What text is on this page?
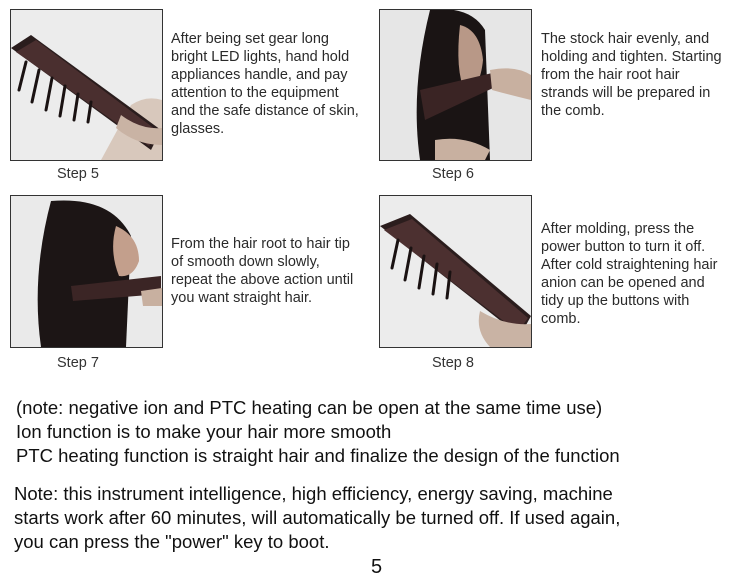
After being set gear long
bright LED lights, hand hold
appliances handle, and pay
attention to the equipment
and the safe distance of skin,
glasses.
Step 5
The stock hair evenly, and
holding and tighten. Starting
from the hair root hair
strands will be prepared in
the comb.
Step 6
From the hair root to hair tip
of smooth down slowly,
repeat the above action until
you want straight hair.
Step 7
After molding, press the
power button to turn it off.
After cold straightening hair
anion can be opened and
tidy up the buttons with
comb.
Step 8
(note: negative ion and PTC heating can be open at the same time use)
Ion function is to make your hair more smooth
PTC heating function is straight hair and finalize the design of the function
Note: this instrument intelligence, high efficiency, energy saving, machine
starts work after 60 minutes, will automatically be turned off. If used again,
you can press the "power" key to boot.
5
